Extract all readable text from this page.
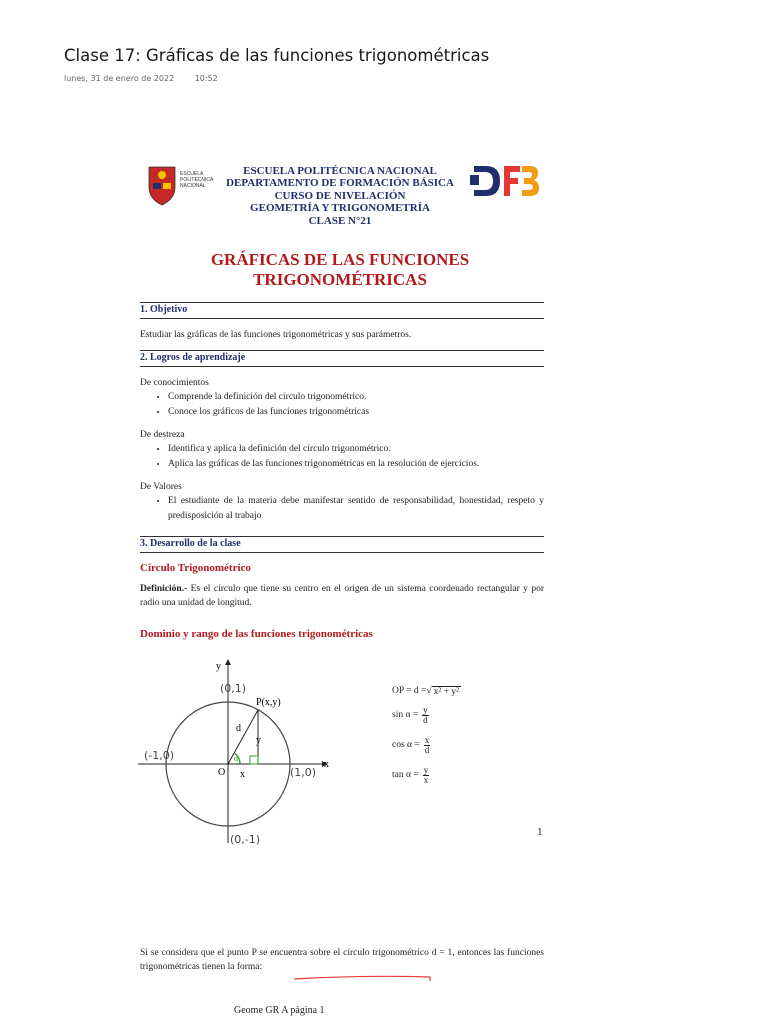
Clase 17: Gráficas de las funciones trigonométricas
lunes, 31 de enero de 2022	10:52
ESCUELA
POLITÉCNICA
NACIONAL
ESCUELA POLITÉCNICA NACIONAL
DEPARTAMENTO DE FORMACIÓN BÁSICA
CURSO DE NIVELACIÓN
GEOMETRÍA Y TRIGONOMETRÍA
CLASE N°21
GRÁFICAS DE LAS FUNCIONES
TRIGONOMÉTRICAS
1. Objetivo
Estudiar las gráficas de las funciones trigonométricas y sus parámetros.
2. Logros de aprendizaje
De conocimientos
• Comprende la definición del círculo trigonométrico.
• Conoce los gráficos de las funciones trigonométricas
De destreza
• Identifica y aplica la definición del círculo trigonométrico.
• Aplica las gráficas de las funciones trigonométricas en la resolución de ejercicios.
De Valores
• El estudiante de la materia debe manifestar sentido de responsabilidad, honestidad, respeto y predisposición al trabajo
3. Desarrollo de la clase
Círculo Trigonométrico
Definición.- Es el círculo que tiene su centro en el origen de un sistema coordenado rectangular y por radio una unidad de longitud.
Dominio y rango de las funciones trigonométricas
y
x
O
P(x,y)
d
y
x
α
(0,1)
(-1,0)
(1,0)
(0,-1)
OP = d = √ x² + y²
$\sin \alpha = \frac{y}{d}$
$\cos \alpha = \frac{x}{d}$
$\tan \alpha = \frac{y}{x}$
1
Si se considera que el punto P se encuentra sobre el círculo trigonométrico d = 1, entonces las funciones trigonométricas tienen la forma:
Geome GR A página 1
